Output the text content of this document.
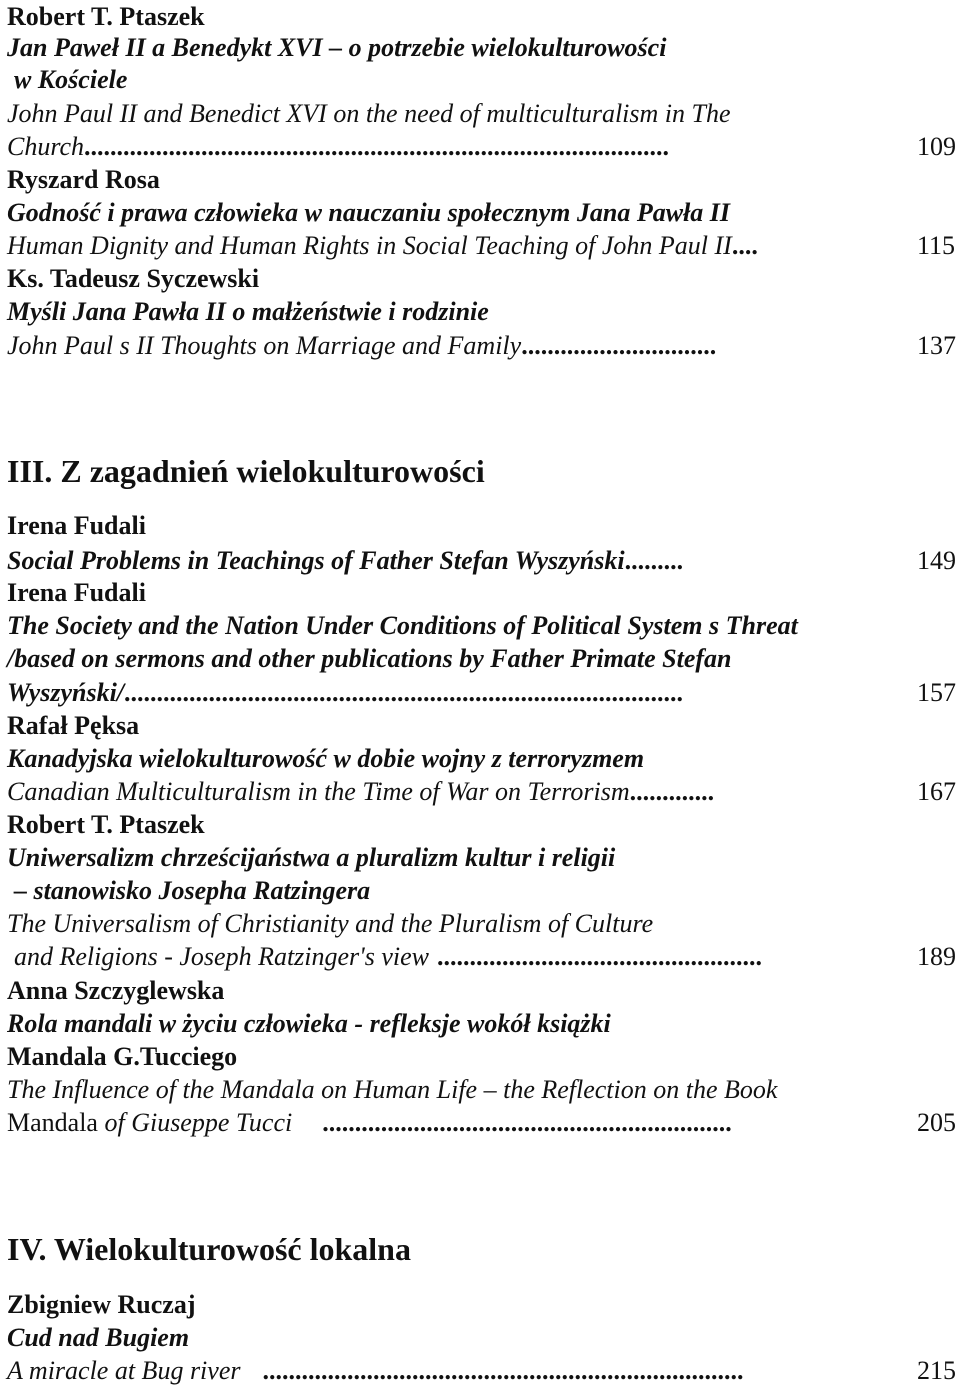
Robert T. Ptaszek
Jan Paweł II a Benedykt XVI – o potrzebie wielokulturowości
w Kościele
John Paul II and Benedict XVI on the need of multiculturalism in The
Church..........................................................................................	109
Ryszard Rosa
Godność i prawa człowieka w nauczaniu społecznym Jana Pawła II
Human Dignity and Human Rights in Social Teaching of John Paul II....	115
Ks. Tadeusz Syczewski
Myśli Jana Pawła II o małżeństwie i rodzinie
John Paul s II Thoughts on Marriage and Family..............................	137
III. Z zagadnień wielokulturowości
Irena Fudali
Social Problems in Teachings of Father Stefan Wyszyński.........	149
Irena Fudali
The Society and the Nation Under Conditions of Political System s Threat
/based on sermons and other publications by Father Primate Stefan
Wyszyński/......................................................................................	157
Rafał Pęksa
Kanadyjska wielokulturowość w dobie wojny z terroryzmem
Canadian Multiculturalism in the Time of War on Terrorism.............	167
Robert T. Ptaszek
Uniwersalizm chrześcijaństwa a pluralizm kultur i religii
– stanowisko Josepha Ratzingera
The Universalism of Christianity and the Pluralism of Culture
and Religions - Joseph Ratzinger's view ..................................................	189
Anna Szczyglewska
Rola mandali w życiu człowieka - refleksje wokół książki
Mandala G.Tucciego
The Influence of the Mandala on Human Life – the Reflection on the Book
Mandala of Giuseppe Tucci ...............................................................	205
IV. Wielokulturowość lokalna
Zbigniew Ruczaj
Cud nad Bugiem
A miracle at Bug river ..........................................................................	215
